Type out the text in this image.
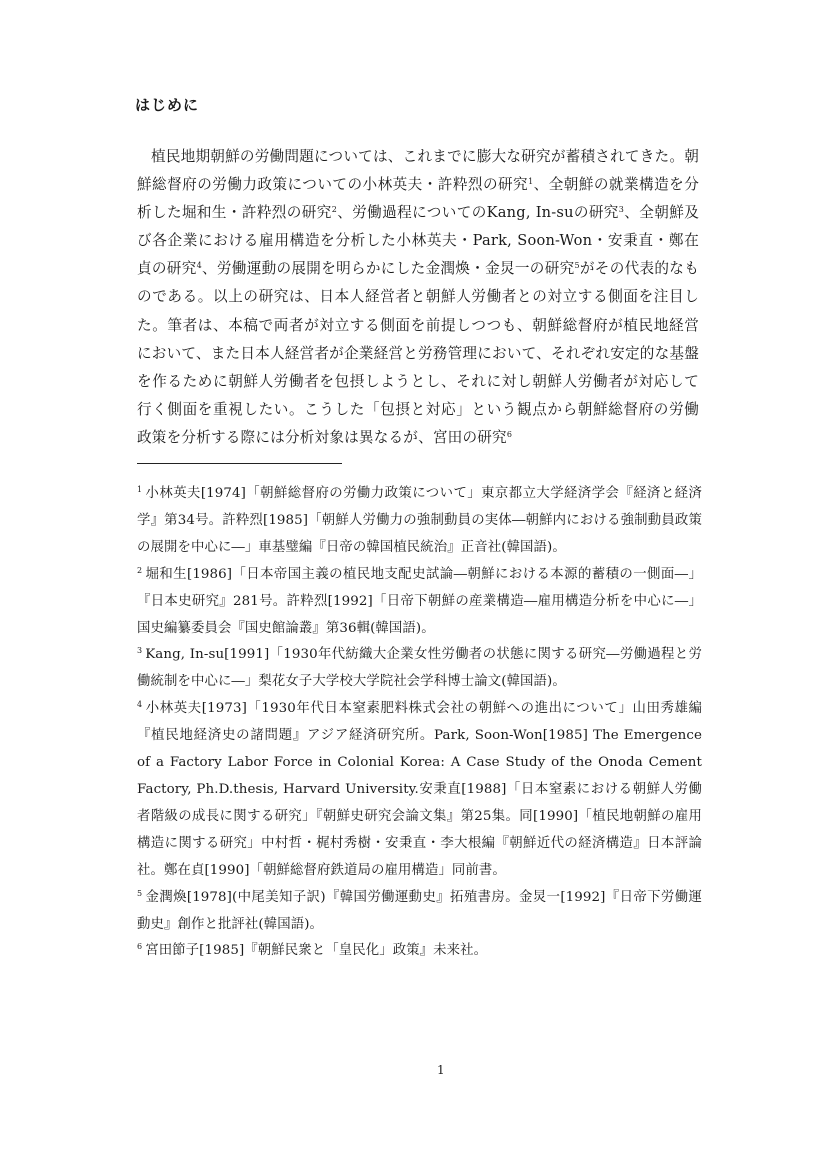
はじめに

植民地期朝鮮の労働問題については、これまでに膨大な研究が蓄積されてきた。朝鮮総督府の労働力政策についての小林英夫・許粋烈の研究$^1$、全朝鮮の就業構造を分析した堀和生・許粋烈の研究$^2$、労働過程についてのKang, In-suの研究$^3$、全朝鮮及び各企業における雇用構造を分析した小林英夫・Park, Soon-Won・安秉直・鄭在貞の研究$^4$、労働運動の展開を明らかにした金潤煥・金炅一の研究$^5$がその代表的なものである。以上の研究は、日本人経営者と朝鮮人労働者との対立する側面を注目した。筆者は、本稿で両者が対立する側面を前提しつつも、朝鮮総督府が植民地経営において、また日本人経営者が企業経営と労務管理において、それぞれ安定的な基盤を作るために朝鮮人労働者を包摂しようとし、それに対し朝鮮人労働者が対応して行く側面を重視したい。こうした「包摂と対応」という観点から朝鮮総督府の労働政策を分析する際には分析対象は異なるが、宮田の研究$^6$

$^1$ 小林英夫[1974]「朝鮮総督府の労働力政策について」東京都立大学経済学会『経済と経済学』第34号。許粋烈[1985]「朝鮮人労働力の強制動員の実体―朝鮮内における強制動員政策の展開を中心に―」車基璧編『日帝の韓国植民統治』正音社(韓国語)。
$^2$ 堀和生[1986]「日本帝国主義の植民地支配史試論―朝鮮における本源的蓄積の一側面―」『日本史研究』281号。許粋烈[1992]「日帝下朝鮮の産業構造―雇用構造分析を中心に―」国史編纂委員会『国史館論叢』第36輯(韓国語)。
$^3$ Kang, In-su[1991]「1930年代紡織大企業女性労働者の状態に関する研究―労働過程と労働統制を中心に―」梨花女子大学校大学院社会学科博士論文(韓国語)。
$^4$ 小林英夫[1973]「1930年代日本窒素肥料株式会社の朝鮮への進出について」山田秀雄編『植民地経済史の諸問題』アジア経済研究所。Park, Soon-Won[1985] The Emergence of a Factory Labor Force in Colonial Korea: A Case Study of the Onoda Cement Factory, Ph.D.thesis, Harvard University.安秉直[1988]「日本窒素における朝鮮人労働者階級の成長に関する研究」『朝鮮史研究会論文集』第25集。同[1990]「植民地朝鮮の雇用構造に関する研究」中村哲・梶村秀樹・安秉直・李大根編『朝鮮近代の経済構造』日本評論社。鄭在貞[1990]「朝鮮総督府鉄道局の雇用構造」同前書。
$^5$ 金潤煥[1978](中尾美知子訳)『韓国労働運動史』拓殖書房。金炅一[1992]『日帝下労働運動史』創作と批評社(韓国語)。
$^6$ 宮田節子[1985]『朝鮮民衆と「皇民化」政策』未来社。
1
